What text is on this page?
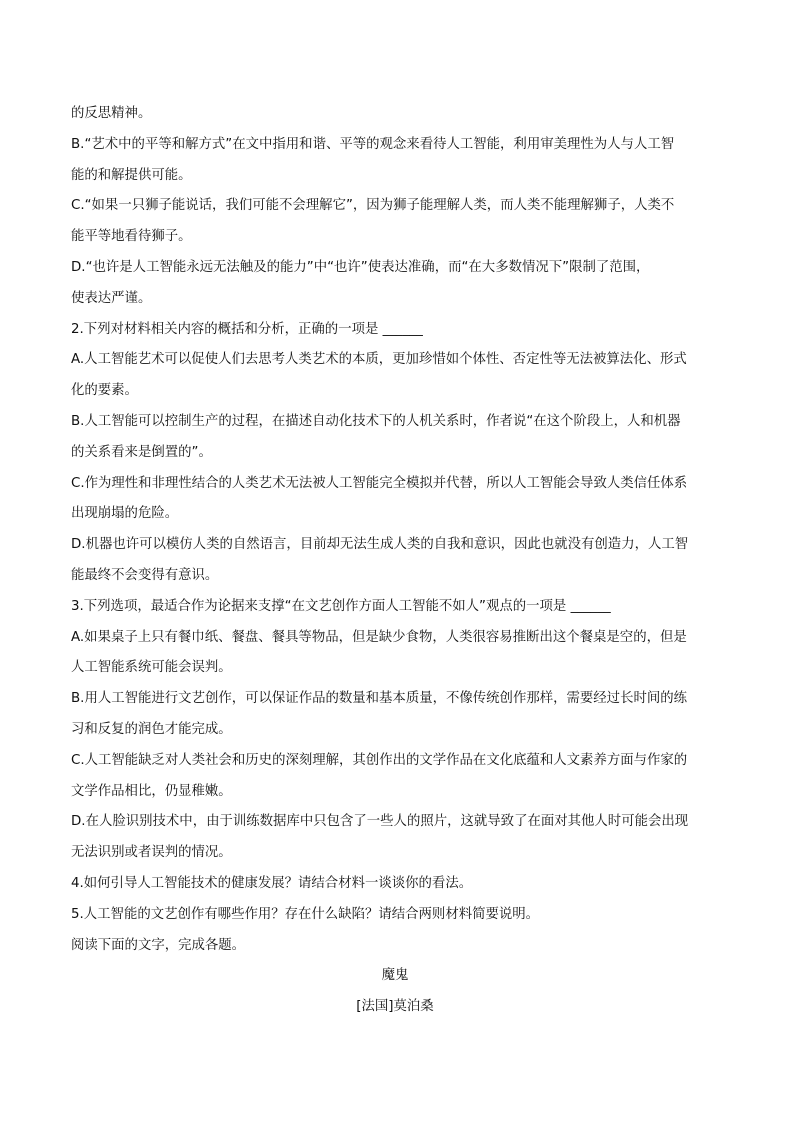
的反思精神。

B.“艺术中的平等和解方式”在文中指用和谐、平等的观念来看待人工智能，利用审美理性为人与人工智

能的和解提供可能。

C.“如果一只狮子能说话，我们可能不会理解它”，因为狮子能理解人类，而人类不能理解狮子，人类不

能平等地看待狮子。

D.“也许是人工智能永远无法触及的能力”中“也许”使表达准确，而“在大多数情况下”限制了范围，

使表达严谨。

2.下列对材料相关内容的概括和分析，正确的一项是 ______

A.人工智能艺术可以促使人们去思考人类艺术的本质，更加珍惜如个体性、否定性等无法被算法化、形式

化的要素。

B.人工智能可以控制生产的过程，在描述自动化技术下的人机关系时，作者说“在这个阶段上，人和机器

的关系看来是倒置的”。

C.作为理性和非理性结合的人类艺术无法被人工智能完全模拟并代替，所以人工智能会导致人类信任体系

出现崩塌的危险。

D.机器也许可以模仿人类的自然语言，目前却无法生成人类的自我和意识，因此也就没有创造力，人工智

能最终不会变得有意识。

3.下列选项，最适合作为论据来支撑“在文艺创作方面人工智能不如人”观点的一项是 ______

A.如果桌子上只有餐巾纸、餐盘、餐具等物品，但是缺少食物，人类很容易推断出这个餐桌是空的，但是

人工智能系统可能会误判。

B.用人工智能进行文艺创作，可以保证作品的数量和基本质量，不像传统创作那样，需要经过长时间的练

习和反复的润色才能完成。

C.人工智能缺乏对人类社会和历史的深刻理解，其创作出的文学作品在文化底蕴和人文素养方面与作家的

文学作品相比，仍显稚嫩。

D.在人脸识别技术中，由于训练数据库中只包含了一些人的照片，这就导致了在面对其他人时可能会出现

无法识别或者误判的情况。

4.如何引导人工智能技术的健康发展？请结合材料一谈谈你的看法。

5.人工智能的文艺创作有哪些作用？存在什么缺陷？请结合两则材料简要说明。

阅读下面的文字，完成各题。

魔鬼

[法国]莫泊桑
